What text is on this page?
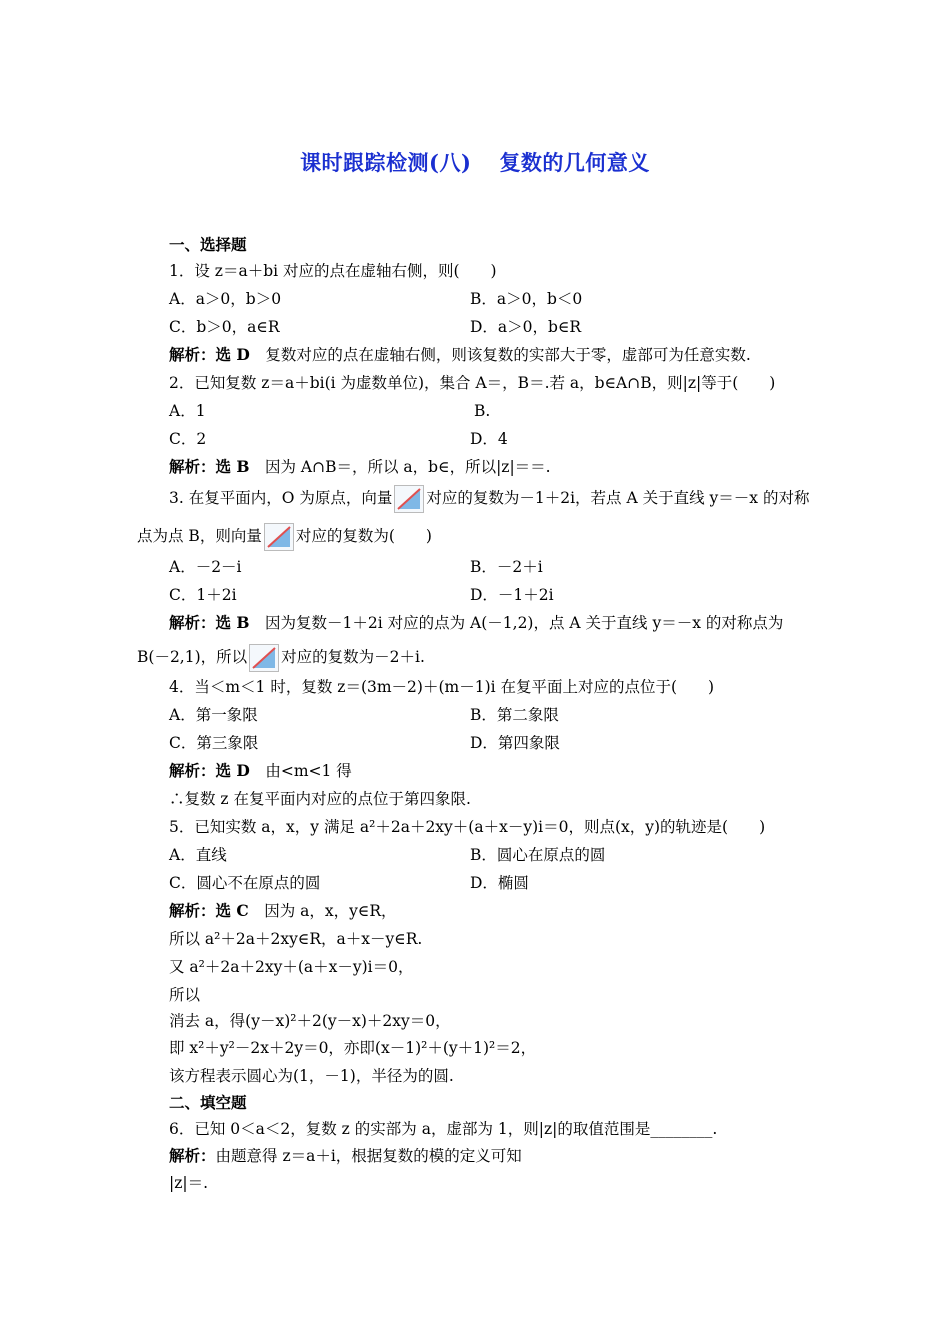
课时跟踪检测(八) 复数的几何意义
一、选择题
1．设 z＝a＋bi 对应的点在虚轴右侧，则(　　)
A．a＞0，b＞0	B．a＞0，b＜0
C．b＞0，a∈R	D．a＞0，b∈R
解析：选 D　复数对应的点在虚轴右侧，则该复数的实部大于零，虚部可为任意实数.
2．已知复数 z＝a＋bi(i 为虚数单位)，集合 A＝，B＝.若 a，b∈A∩B，则|z|等于(　　)
A．1	B.
C．2	D．4
解析：选 B　因为 A∩B＝，所以 a，b∈，所以|z|＝＝.
3. 在复平面内，O 为原点，向量 对应的复数为－1＋2i，若点 A 关于直线 y＝－x 的对称
点为点 B，则向量 对应的复数为(　　)
A．－2－i	B．－2＋i
C．1＋2i	D．－1＋2i
解析：选 B　因为复数－1＋2i 对应的点为 A(－1,2)，点 A 关于直线 y＝－x 的对称点为
B(－2,1)，所以 对应的复数为－2＋i.
4．当＜m＜1 时，复数 z＝(3m－2)＋(m－1)i 在复平面上对应的点位于(　　)
A．第一象限	B．第二象限
C．第三象限	D．第四象限
解析：选 D　由<m<1 得
∴复数 z 在复平面内对应的点位于第四象限.
5．已知实数 a，x，y 满足 a²＋2a＋2xy＋(a＋x－y)i＝0，则点(x，y)的轨迹是(　　)
A．直线	B．圆心在原点的圆
C．圆心不在原点的圆	D．椭圆
解析：选 C　因为 a，x，y∈R，
所以 a²＋2a＋2xy∈R，a＋x－y∈R.
又 a²＋2a＋2xy＋(a＋x－y)i＝0，
所以
消去 a，得(y－x)²＋2(y－x)＋2xy＝0，
即 x²＋y²－2x＋2y＝0，亦即(x－1)²＋(y＋1)²＝2，
该方程表示圆心为(1，－1)，半径为的圆.
二、填空题
6．已知 0＜a＜2，复数 z 的实部为 a，虚部为 1，则|z|的取值范围是________.
解析：由题意得 z＝a＋i，根据复数的模的定义可知
|z|＝.
